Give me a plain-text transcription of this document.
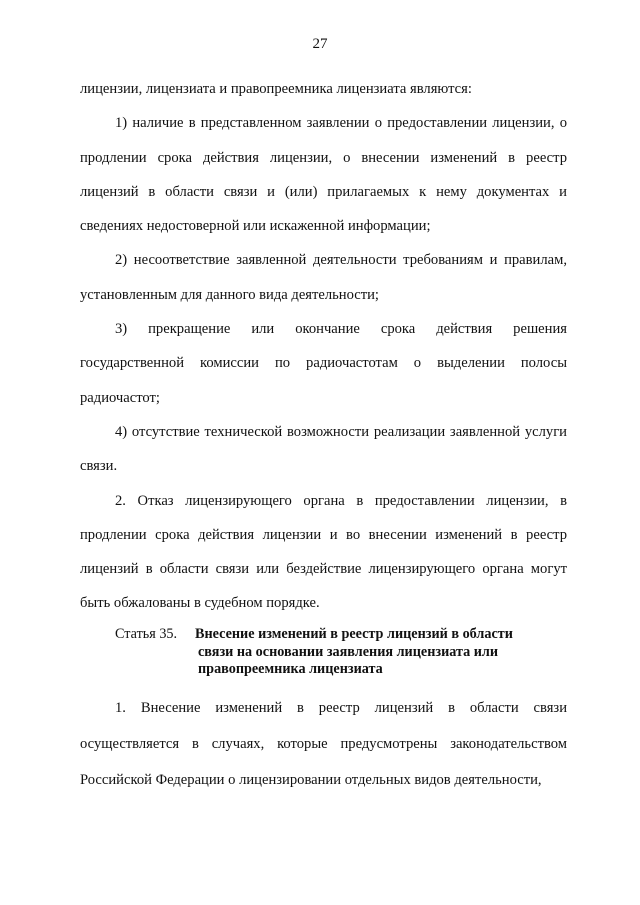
27

лицензии, лицензиата и правопреемника лицензиата являются:

1) наличие в представленном заявлении о предоставлении лицензии, о продлении срока действия лицензии, о внесении изменений в реестр лицензий в области связи и (или) прилагаемых к нему документах и сведениях недостоверной или искаженной информации;

2) несоответствие заявленной деятельности требованиям и правилам, установленным для данного вида деятельности;

3) прекращение или окончание срока действия решения государственной комиссии по радиочастотам о выделении полосы радиочастот;

4) отсутствие технической возможности реализации заявленной услуги связи.

2. Отказ лицензирующего органа в предоставлении лицензии, в продлении срока действия лицензии и во внесении изменений в реестр лицензий в области связи или бездействие лицензирующего органа могут быть обжалованы в судебном порядке.

Статья 35. Внесение изменений в реестр лицензий в области
связи на основании заявления лицензиата или
правопреемника лицензиата

1. Внесение изменений в реестр лицензий в области связи осуществляется в случаях, которые предусмотрены законодательством Российской Федерации о лицензировании отдельных видов деятельности,
